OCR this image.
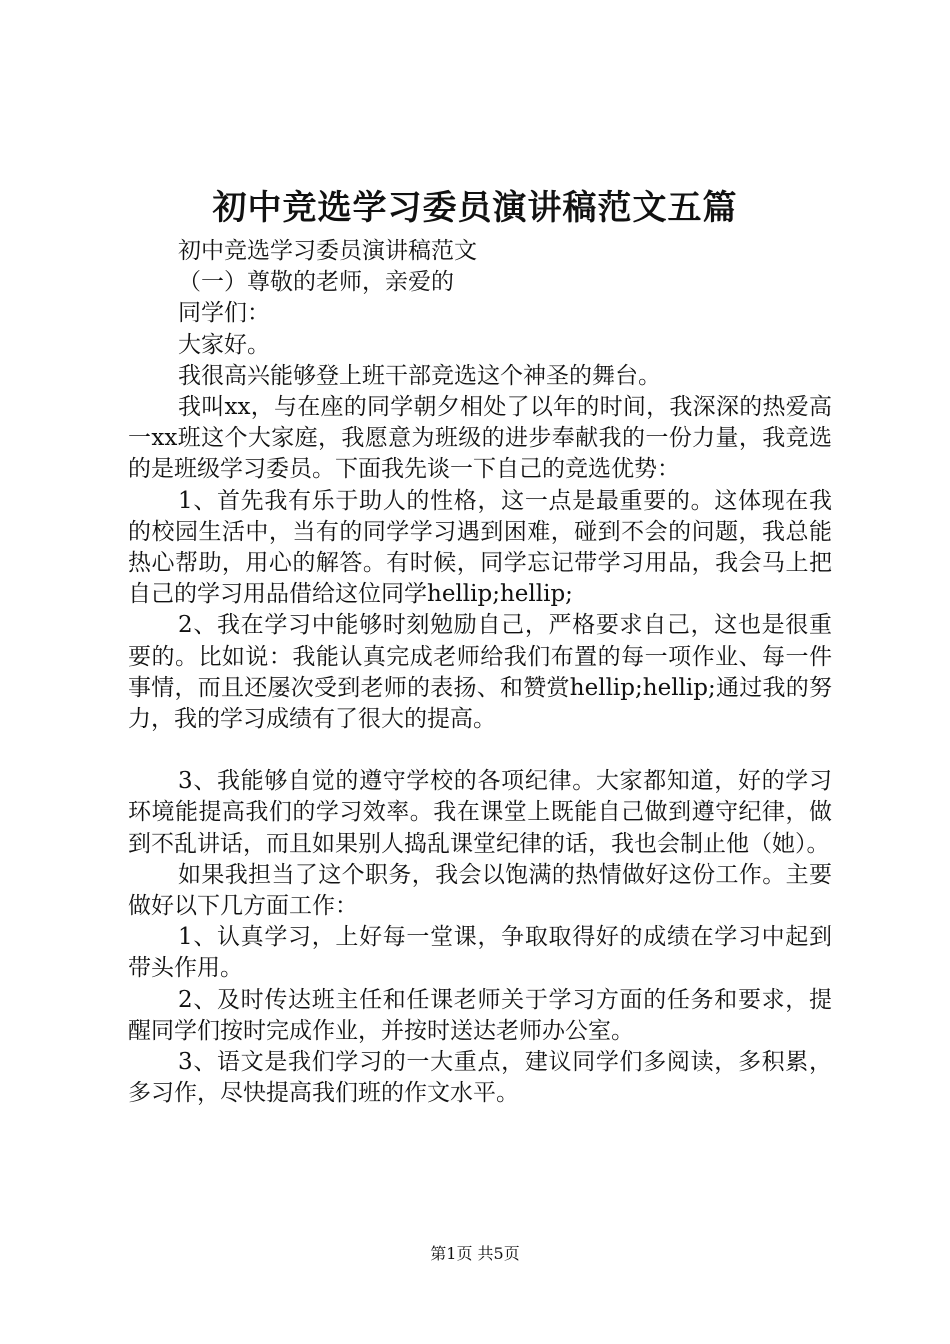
初中竞选学习委员演讲稿范文五篇
初中竞选学习委员演讲稿范文
（一）尊敬的老师，亲爱的
同学们：
大家好。
我很高兴能够登上班干部竞选这个神圣的舞台。

我叫xx，与在座的同学朝夕相处了以年的时间，我深深的热爱高一xx班这个大家庭，我愿意为班级的进步奉献我的一份力量，我竞选的是班级学习委员。下面我先谈一下自己的竞选优势：

1、首先我有乐于助人的性格，这一点是最重要的。这体现在我的校园生活中，当有的同学学习遇到困难，碰到不会的问题，我总能热心帮助，用心的解答。有时候，同学忘记带学习用品，我会马上把自己的学习用品借给这位同学hellip;hellip;

2、我在学习中能够时刻勉励自己，严格要求自己，这也是很重要的。比如说：我能认真完成老师给我们布置的每一项作业、每一件事情，而且还屡次受到老师的表扬、和赞赏hellip;hellip;通过我的努力，我的学习成绩有了很大的提高。

3、我能够自觉的遵守学校的各项纪律。大家都知道，好的学习环境能提高我们的学习效率。我在课堂上既能自己做到遵守纪律，做到不乱讲话，而且如果别人捣乱课堂纪律的话，我也会制止他（她）。

如果我担当了这个职务，我会以饱满的热情做好这份工作。主要做好以下几方面工作：

1、认真学习，上好每一堂课，争取取得好的成绩在学习中起到带头作用。

2、及时传达班主任和任课老师关于学习方面的任务和要求，提醒同学们按时完成作业，并按时送达老师办公室。

3、语文是我们学习的一大重点，建议同学们多阅读，多积累，多习作，尽快提高我们班的作文水平。

第1页 共5页
